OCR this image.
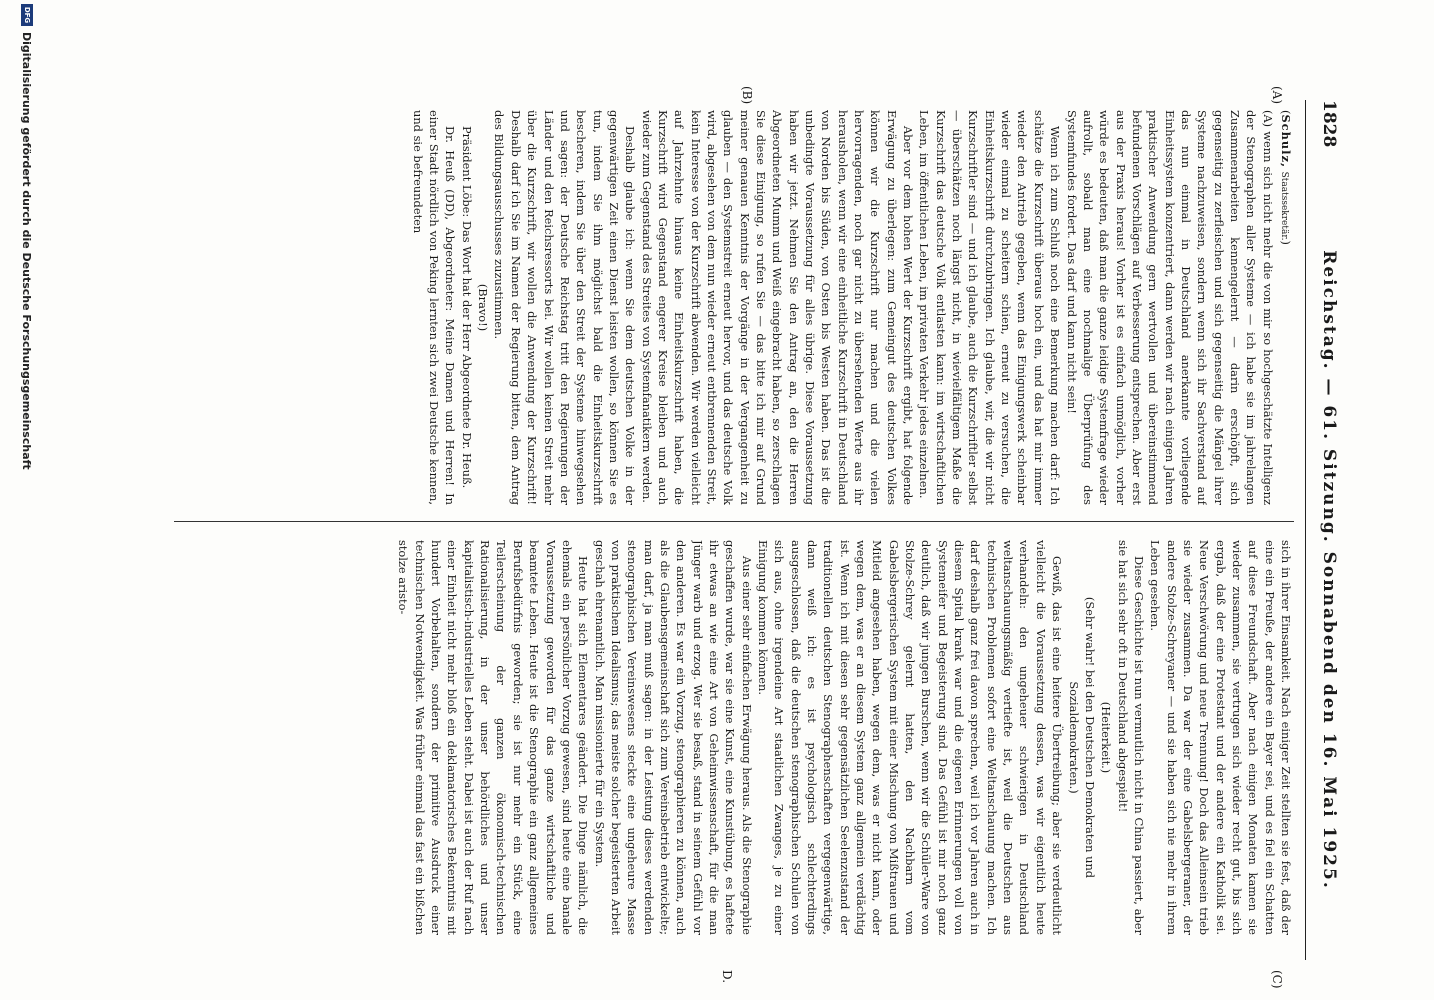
1828
Reichstag. — 61. Sitzung. Sonnabend den 16. Mai 1925.
(A)
(B)
(C)
D.

(Schulz, Staatssekretär.)

(A) wenn sich nicht mehr die von mir so hochgeschätzte Intelligenz der Stenographen aller Systeme — ich habe sie im jahrelangen Zusammenarbeiten kennengelernt — darin erschöpft, sich gegenseitig zu zerfleischen und sich gegenseitig die Mängel ihrer Systeme nachzuweisen, sondern wenn sich ihr Sachverstand auf das nun einmal in Deutschland anerkannte vorliegende Einheitssystem konzentriert, dann werden wir nach einigen Jahren praktischer Anwendung gern wertvollen und übereinstimmend befundenen Vorschlägen auf Verbesserung entsprechen. Aber erst aus der Praxis heraus! Vorher ist es einfach unmöglich, vorher würde es bedeuten, daß man die ganze leidige Systemfrage wieder aufrollt, sobald man eine nochmalige Überprüfung des Systemfundes fordert. Das darf und kann nicht sein!

Wenn ich zum Schluß noch eine Bemerkung machen darf: Ich schätze die Kurzschrift überaus hoch ein, und das hat mir immer wieder den Antrieb gegeben, wenn das Einigungswerk scheinbar wieder einmal zu scheitern schien, erneut zu versuchen, die Einheitskurzschrift durchzubringen. Ich glaube, wir, die wir nicht Kurzschriftler sind — und ich glaube, auch die Kurzschriftler selbst — überschätzen noch längst nicht, in wievielfältigem Maße die Kurzschrift das deutsche Volk entlasten kann: im wirtschaftlichen Leben, im öffentlichen Leben, im privaten Verkehr jedes einzelnen.

Aber vor dem hohen Wert der Kurzschrift ergibt, hat folgende Erwägung zu überlegen: zum Gemeingut des deutschen Volkes können wir die Kurzschrift nur machen und die vielen hervorragenden, noch gar nicht zu übersehenden Werte aus ihr herausholen, wenn wir eine einheitliche Kurzschrift in Deutschland von Norden bis Süden, von Osten bis Westen haben. Das ist die unbedingte Voraussetzung für alles übrige. Diese Voraussetzung haben wir jetzt. Nehmen Sie den Antrag an, den die Herren Abgeordneten Mumm und Weiß eingebracht haben, so zerschlagen Sie diese Einigung, so rufen Sie — das bitte ich mir auf Grund meiner genauen Kenntnis der Vorgänge in der Vergangenheit zu glauben — den Systemstreit erneut hervor, und das deutsche Volk wird, abgesehen von dem nun wieder erneut entbrennenden Streit, kein Interesse von der Kurzschrift abwenden. Wir werden vielleicht auf Jahrzehnte hinaus keine Einheitskurzschrift haben, die Kurzschrift wird Gegenstand engerer Kreise bleiben und auch wieder zum Gegenstand des Streites von Systemfanatikern werden.

Deshalb glaube ich: wenn Sie dem deutschen Volke in der gegenwärtigen Zeit einen Dienst leisten wollen, so können Sie es tun, indem Sie ihm möglichst bald die Einheitskurzschrift bescheren, indem Sie über den Streit der Systeme hinwegsehen und sagen: der Deutsche Reichstag tritt den Regierungen der Länder und den Reichsressorts bei. Wir wollen keinen Streit mehr über die Kurzschrift, wir wollen die Anwendung der Kurzschrift! Deshalb darf ich Sie im Namen der Regierung bitten, dem Antrag des Bildungsausschusses zuzustimmen.

(Bravo!)

Präsident Löbe: Das Wort hat der Herr Abgeordnete Dr. Heuß.

Dr. Heuß (DD), Abgeordneter: Meine Damen und Herren! In einer Stadt nördlich von Peking lernten sich zwei Deutsche kennen, und sie befreundeten

sich in ihrer Einsamkeit. Nach einiger Zeit stellten sie fest, daß der eine ein Preuße, der andere ein Bayer sei, und es fiel ein Schatten auf diese Freundschaft. Aber nach einigen Monaten kamen sie wieder zusammen, sie vertrugen sich wieder recht gut, bis sich ergab, daß der eine Protestant und der andere ein Katholik sei. Neue Verschwörung und neue Trennung! Doch das Alleinsein trieb sie wieder zusammen. Da war der eine Gabelsbergeraner, der andere Stolze-Schreyaner — und sie haben sich nie mehr in ihrem Leben gesehen.

Diese Geschichte ist nun vermutlich nicht in China passiert, aber sie hat sich sehr oft in Deutschland abgespielt!

(Heiterkeit.)

(Sehr wahr! bei den Deutschen Demokraten und Sozialdemokraten.)

Gewiß, das ist eine heitere Übertreibung; aber sie verdeutlicht vielleicht die Voraussetzung dessen, was wir eigentlich heute verhandeln: den ungeheuer schwierigen in Deutschland weltanschauungsmäßig vertiefte ist, weil die Deutschen aus technischen Problemen sofort eine Weltanschauung machen. Ich darf deshalb ganz frei davon sprechen, weil ich vor Jahren auch in diesem Spital krank war und die eigenen Erinnerungen voll von Systemeifer und Begeisterung sind. Das Gefühl ist mir noch ganz deutlich, daß wir jungen Burschen, wenn wir die Schüler-Ware von Stolze-Schrey gelernt hatten, den Nachbarn vom Gabelsbergerischen System mit einer Mischung von Mißtrauen und Mitleid angesehen haben, wegen dem, was er nicht kann, oder wegen dem, was er an diesem System ganz allgemein verdächtig ist. Wenn ich mit diesen sehr gegensätzlichen Seelenzustand der traditionellen deutschen Stenographenschaften vergegenwärtige, dann weiß ich: es ist psychologisch schlechterdings ausgeschlossen, daß die deutschen stenographischen Schulen von sich aus, ohne irgendeine Art staatlichen Zwanges, je zu einer Einigung kommen können.

Aus einer sehr einfachen Erwägung heraus. Als die Stenographie geschaffen wurde, war sie eine Kunst, eine Kunstübung, es haftete ihr etwas an wie eine Art von Geheimwissenschaft, für die man Jünger warb und erzog. Wer sie besaß, stand in seinem Gefühl vor den anderen. Es war ein Vorzug, stenographieren zu können, auch als die Glaubensgemeinschaft sich zum Vereinsbetrieb entwickelte; man darf, ja man muß sagen: in der Leistung dieses werdenden stenographischen Vereinswesens steckte eine ungeheure Masse von praktischem Idealismus; das meiste solcher begeisterten Arbeit geschah ehrenamtlich. Man missionierte für ein System.

Heute hat sich Elementares geändert. Die Dinge nämlich, die ehemals ein persönlicher Vorzug gewesen, sind heute eine banale Voraussetzung geworden für das ganze wirtschaftliche und beamtete Leben. Heute ist die Stenographie ein ganz allgemeines Berufsbedürfnis geworden; sie ist nur mehr ein Stück, eine Teilerscheinung der ganzen ökonomisch-technischen Rationalisierung, in der unser behördliches und unser kapitalistisch-industrielles Leben steht. Dabei ist auch der Ruf nach einer Einheit nicht mehr bloß ein deklamatorisches Bekenntnis mit hundert Vorbehalten, sondern der primitive Ausdruck einer technischen Notwendigkeit. Was früher einmal das fast ein bißchen stolze aristo-

DFG
Digitalisierung gefördert durch die Deutsche Forschungsgemeinschaft
